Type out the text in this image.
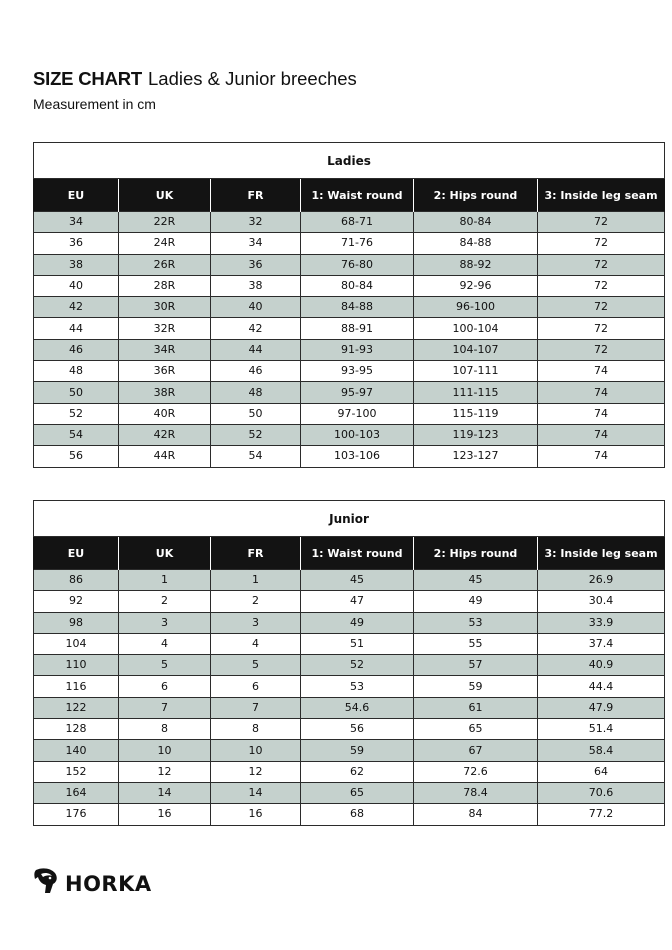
SIZE CHART Ladies & Junior breeches
Measurement in cm
Ladies					
EU	UK	FR	1: Waist round	2: Hips round	3: Inside leg seam
34	22R	32	68-71	80-84	72
36	24R	34	71-76	84-88	72
38	26R	36	76-80	88-92	72
40	28R	38	80-84	92-96	72
42	30R	40	84-88	96-100	72
44	32R	42	88-91	100-104	72
46	34R	44	91-93	104-107	72
48	36R	46	93-95	107-111	74
50	38R	48	95-97	111-115	74
52	40R	50	97-100	115-119	74
54	42R	52	100-103	119-123	74
56	44R	54	103-106	123-127	74
Junior					
EU	UK	FR	1: Waist round	2: Hips round	3: Inside leg seam
86	1	1	45	45	26.9
92	2	2	47	49	30.4
98	3	3	49	53	33.9
104	4	4	51	55	37.4
110	5	5	52	57	40.9
116	6	6	53	59	44.4
122	7	7	54.6	61	47.9
128	8	8	56	65	51.4
140	10	10	59	67	58.4
152	12	12	62	72.6	64
164	14	14	65	78.4	70.6
176	16	16	68	84	77.2
HORKA
